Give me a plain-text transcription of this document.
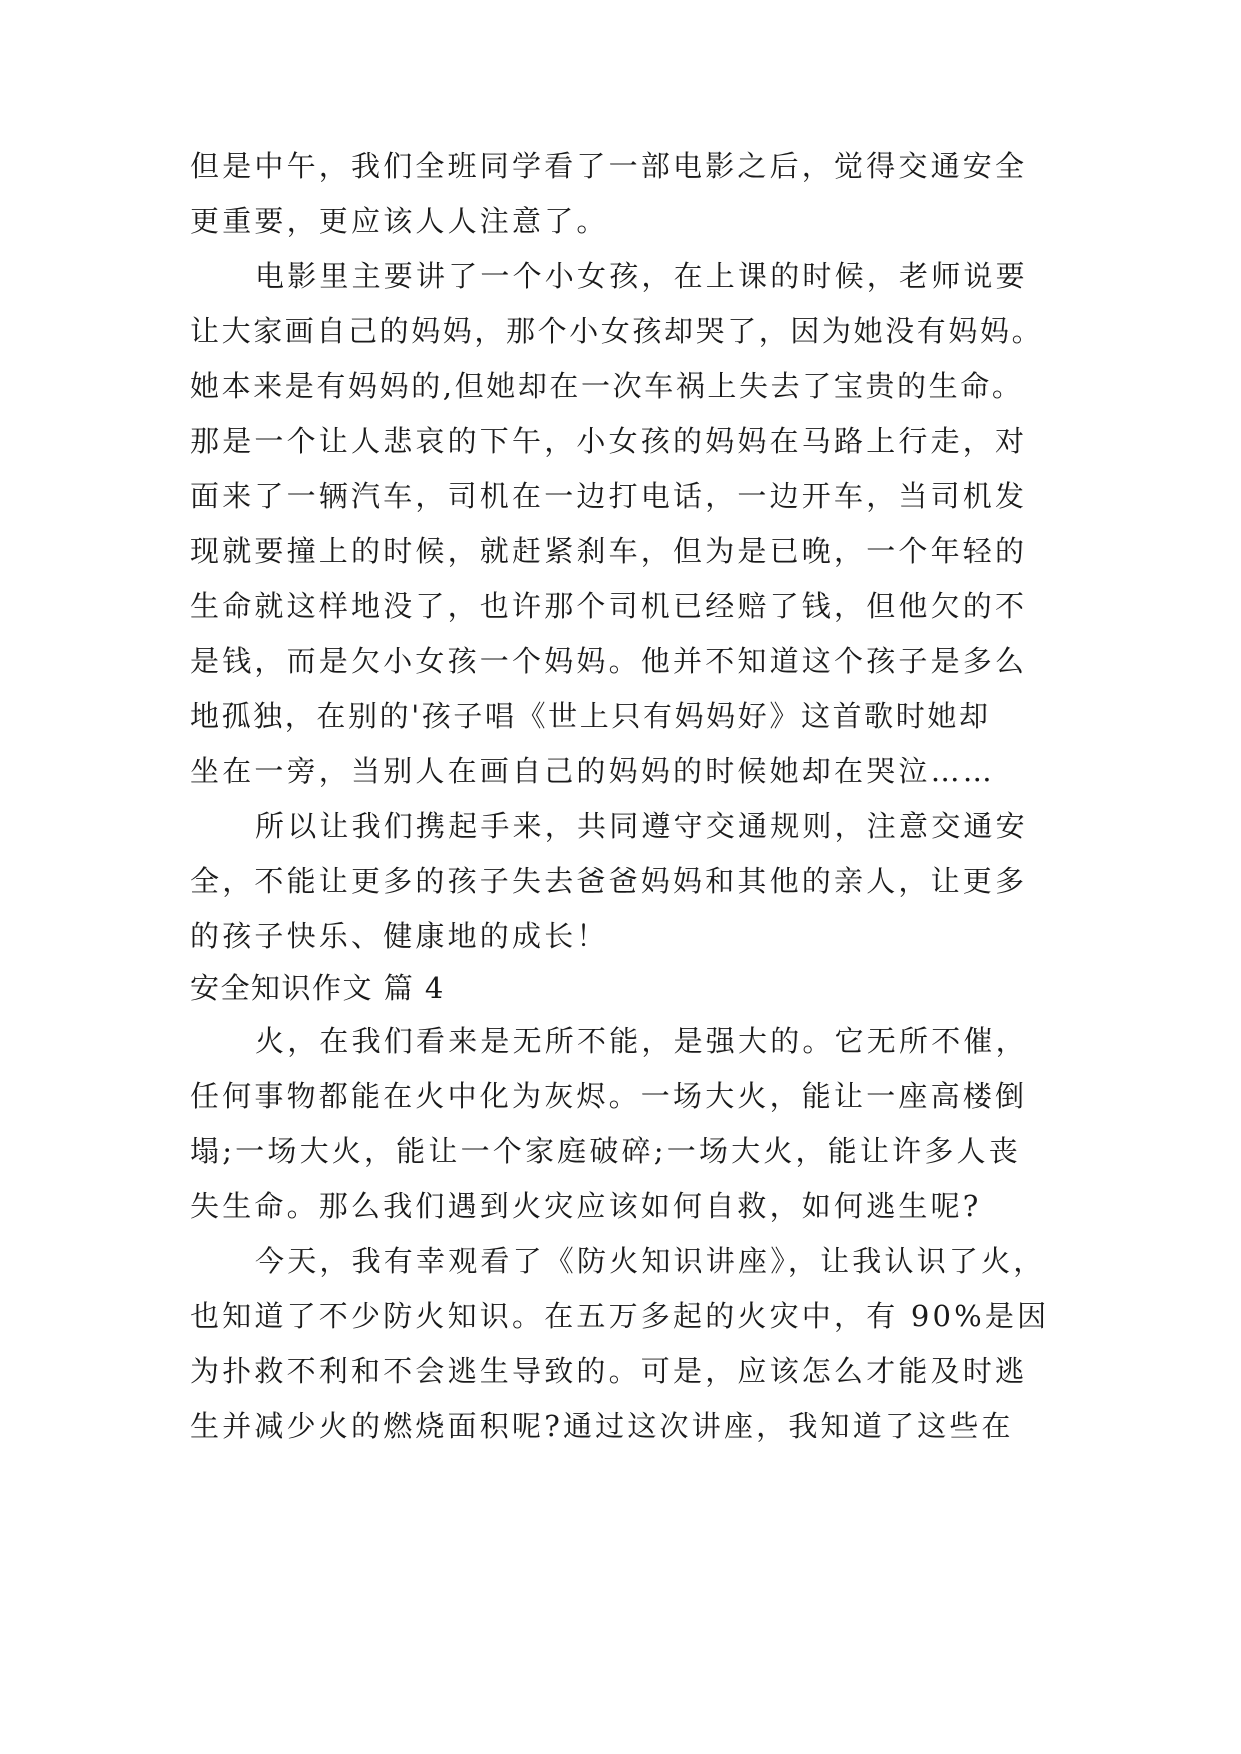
但是中午，我们全班同学看了一部电影之后，觉得交通安全
更重要，更应该人人注意了。
电影里主要讲了一个小女孩，在上课的时候，老师说要
让大家画自己的妈妈，那个小女孩却哭了，因为她没有妈妈。
她本来是有妈妈的,但她却在一次车祸上失去了宝贵的生命。
那是一个让人悲哀的下午，小女孩的妈妈在马路上行走，对
面来了一辆汽车，司机在一边打电话，一边开车，当司机发
现就要撞上的时候，就赶紧刹车，但为是已晚，一个年轻的
生命就这样地没了，也许那个司机已经赔了钱，但他欠的不
是钱，而是欠小女孩一个妈妈。他并不知道这个孩子是多么
地孤独，在别的'孩子唱《世上只有妈妈好》这首歌时她却
坐在一旁，当别人在画自己的妈妈的时候她却在哭泣……
所以让我们携起手来，共同遵守交通规则，注意交通安
全，不能让更多的孩子失去爸爸妈妈和其他的亲人，让更多
的孩子快乐、健康地的成长！
安全知识作文 篇 4
火，在我们看来是无所不能，是强大的。它无所不催，
任何事物都能在火中化为灰烬。一场大火，能让一座高楼倒
塌;一场大火，能让一个家庭破碎;一场大火，能让许多人丧
失生命。那么我们遇到火灾应该如何自救，如何逃生呢?
今天，我有幸观看了《防火知识讲座》，让我认识了火，
也知道了不少防火知识。在五万多起的火灾中，有 90%是因
为扑救不利和不会逃生导致的。可是，应该怎么才能及时逃
生并减少火的燃烧面积呢?通过这次讲座，我知道了这些在
